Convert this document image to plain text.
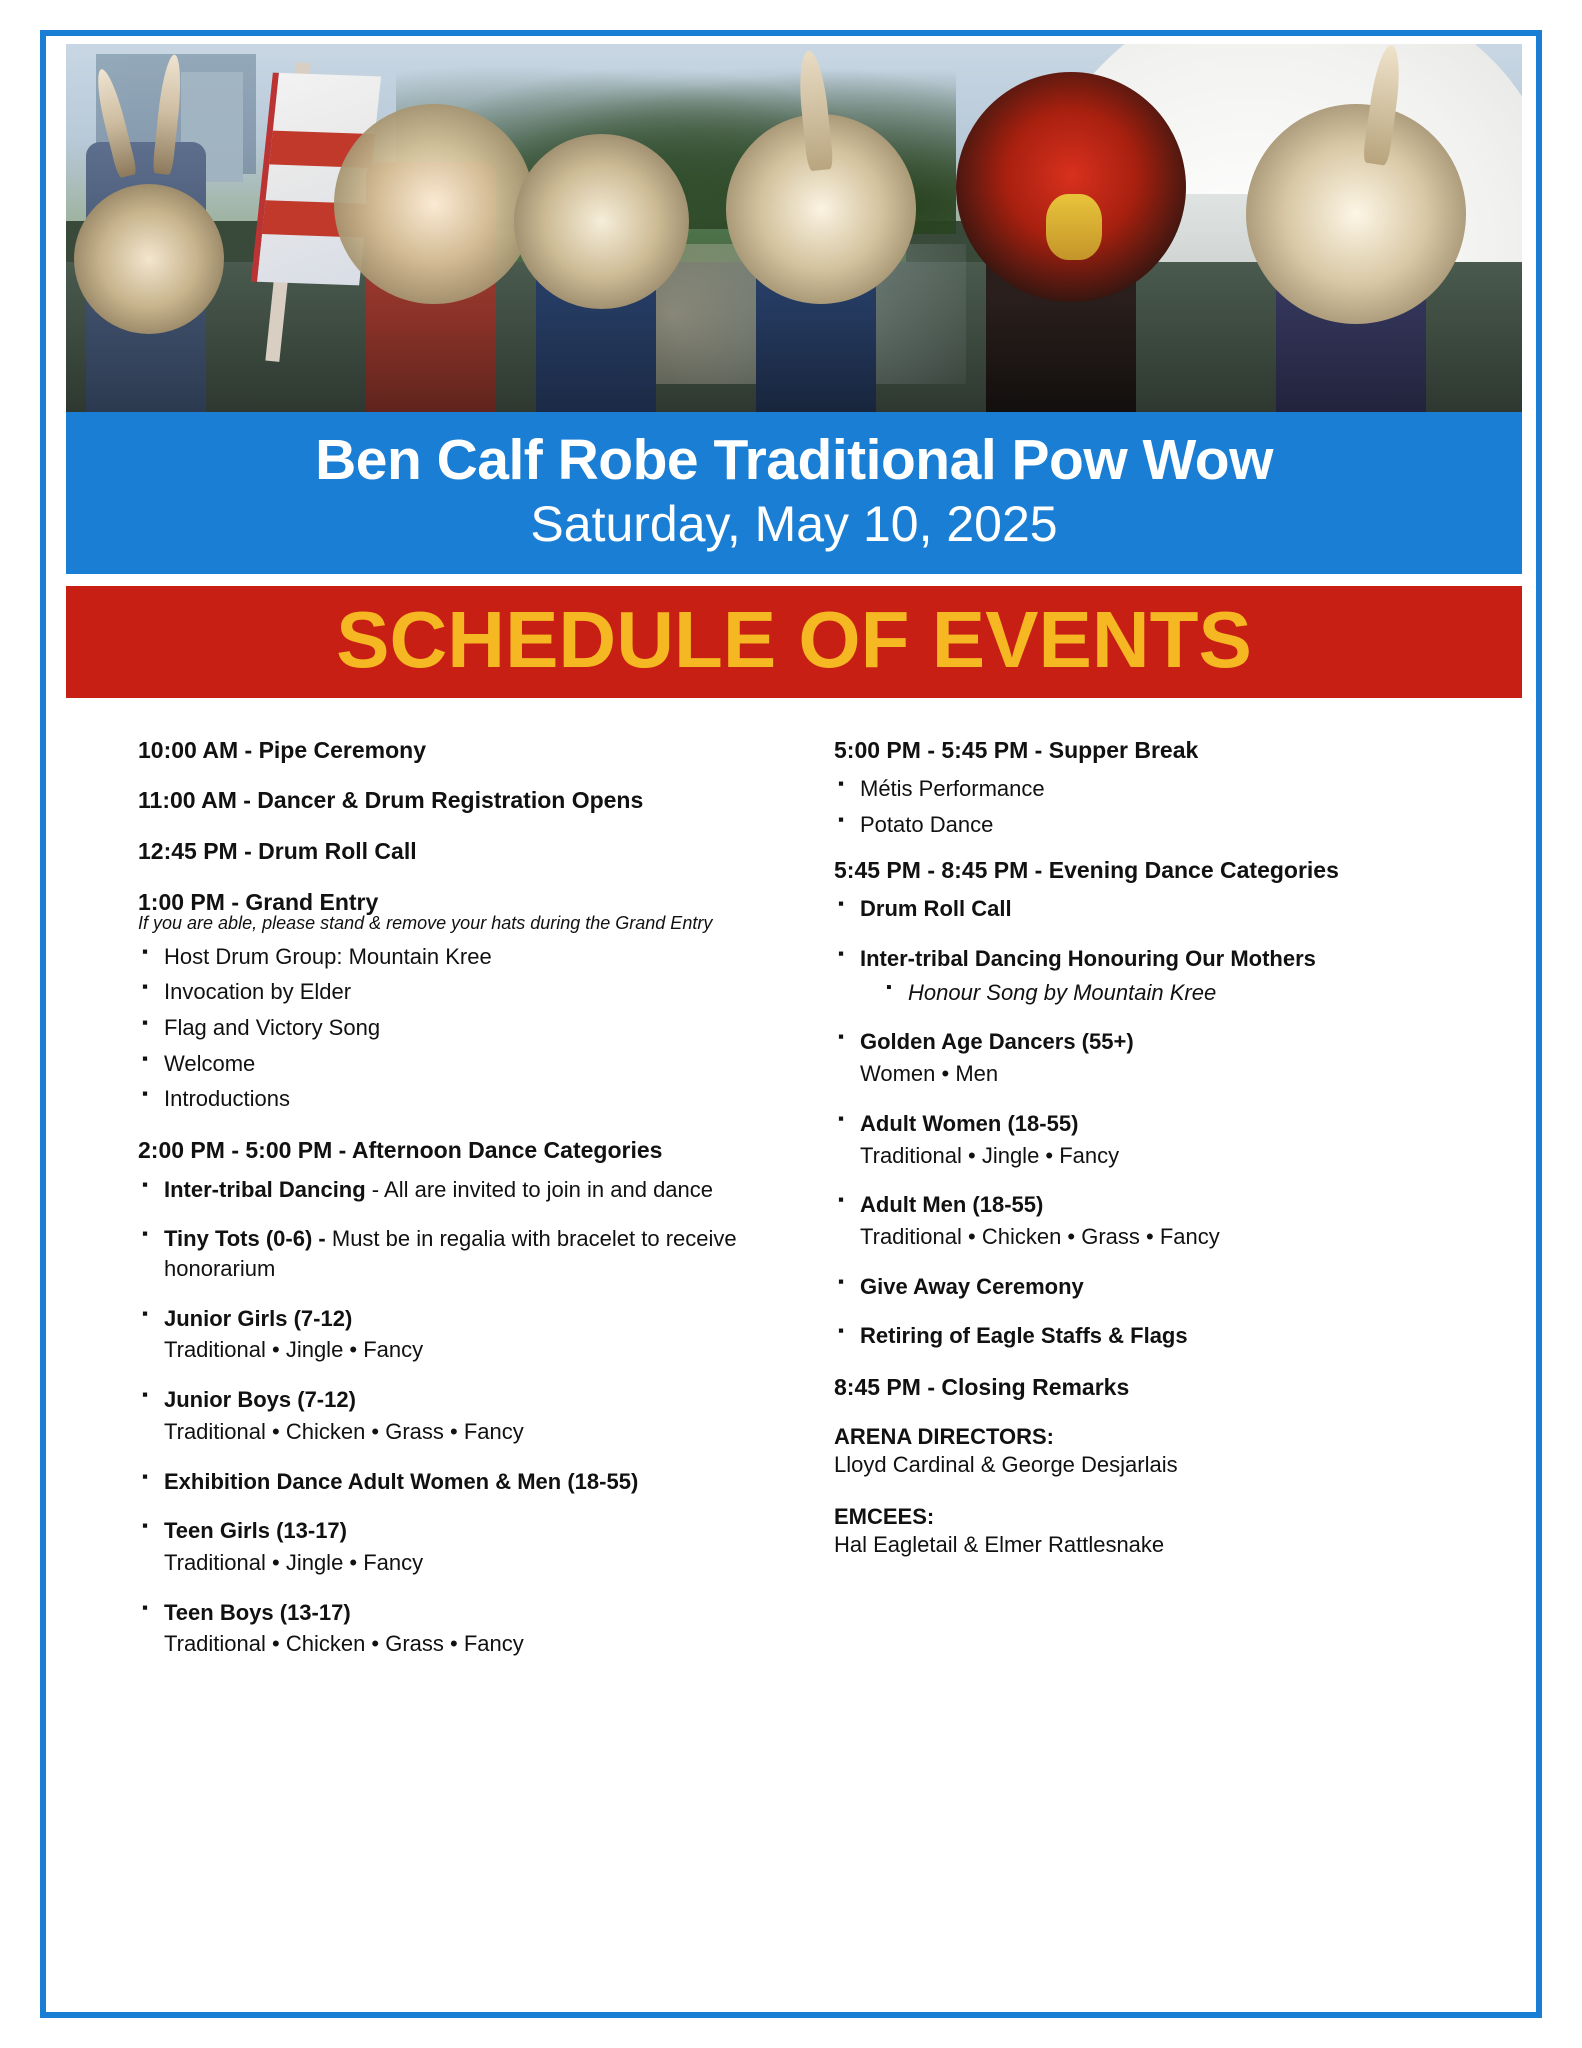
Ben Calf Robe Traditional Pow Wow
Saturday, May 10, 2025
SCHEDULE OF EVENTS
10:00 AM - Pipe Ceremony
11:00 AM - Dancer & Drum Registration Opens
12:45 PM - Drum Roll Call
1:00 PM - Grand Entry
If you are able, please stand & remove your hats during the Grand Entry
▪ Host Drum Group: Mountain Kree
▪ Invocation by Elder
▪ Flag and Victory Song
▪ Welcome
▪ Introductions
2:00 PM - 5:00 PM - Afternoon Dance Categories
▪ Inter-tribal Dancing - All are invited to join in and dance
▪ Tiny Tots (0-6) - Must be in regalia with bracelet to receive honorarium
▪ Junior Girls (7-12)
Traditional • Jingle • Fancy
▪ Junior Boys (7-12)
Traditional • Chicken • Grass • Fancy
▪ Exhibition Dance Adult Women & Men (18-55)
▪ Teen Girls (13-17)
Traditional • Jingle • Fancy
▪ Teen Boys (13-17)
Traditional • Chicken • Grass • Fancy
5:00 PM - 5:45 PM - Supper Break
▪ Métis Performance
▪ Potato Dance
5:45 PM - 8:45 PM - Evening Dance Categories
▪ Drum Roll Call
▪ Inter-tribal Dancing Honouring Our Mothers
▪ Honour Song by Mountain Kree
▪ Golden Age Dancers (55+)
Women • Men
▪ Adult Women (18-55)
Traditional • Jingle • Fancy
▪ Adult Men (18-55)
Traditional • Chicken • Grass • Fancy
▪ Give Away Ceremony
▪ Retiring of Eagle Staffs & Flags
8:45 PM - Closing Remarks
ARENA DIRECTORS:
Lloyd Cardinal & George Desjarlais
EMCEES:
Hal Eagletail & Elmer Rattlesnake
